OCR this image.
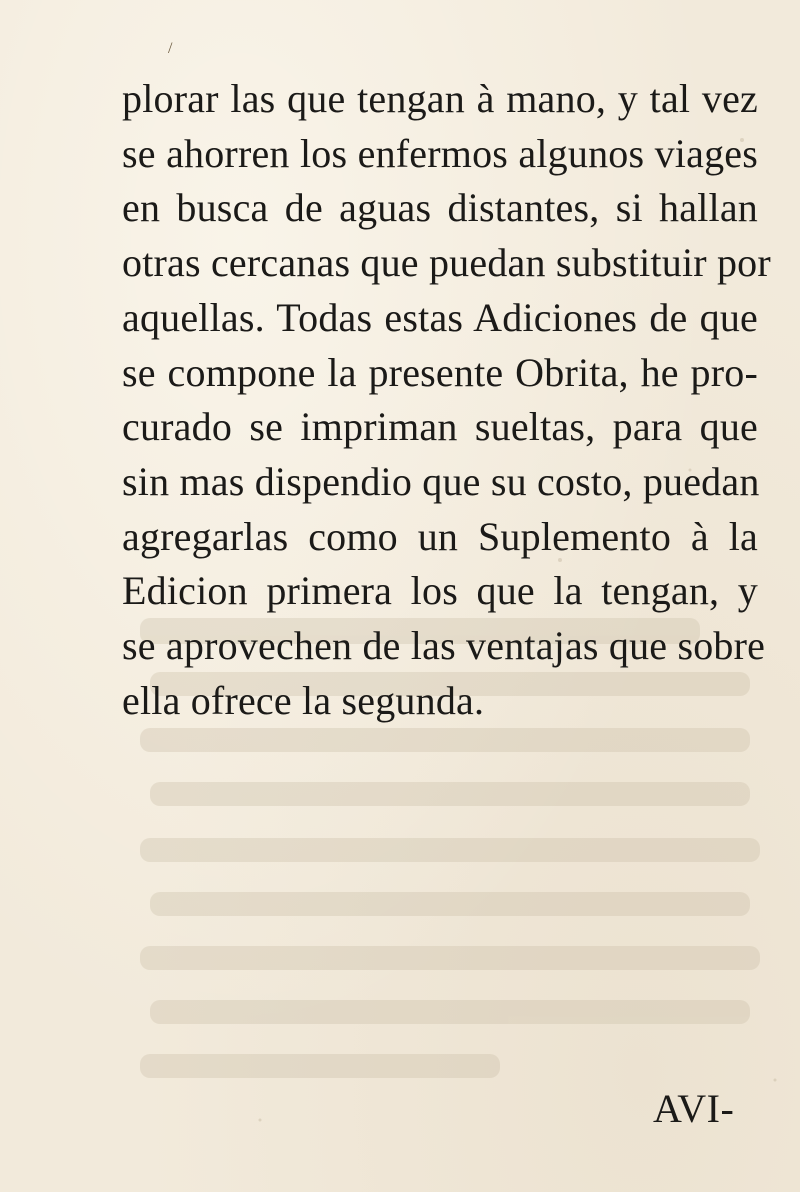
/
plorar las que tengan à mano, y tal vez
se ahorren los enfermos algunos viages
en busca de aguas distantes, si hallan
otras cercanas que puedan substituir por
aquellas. Todas estas Adiciones de que
se compone la presente Obrita, he pro-
curado se impriman sueltas, para que
sin mas dispendio que su costo, puedan
agregarlas como un Suplemento à la
Edicion primera los que la tengan, y
se aprovechen de las ventajas que sobre
ella ofrece la segunda.
AVI-
